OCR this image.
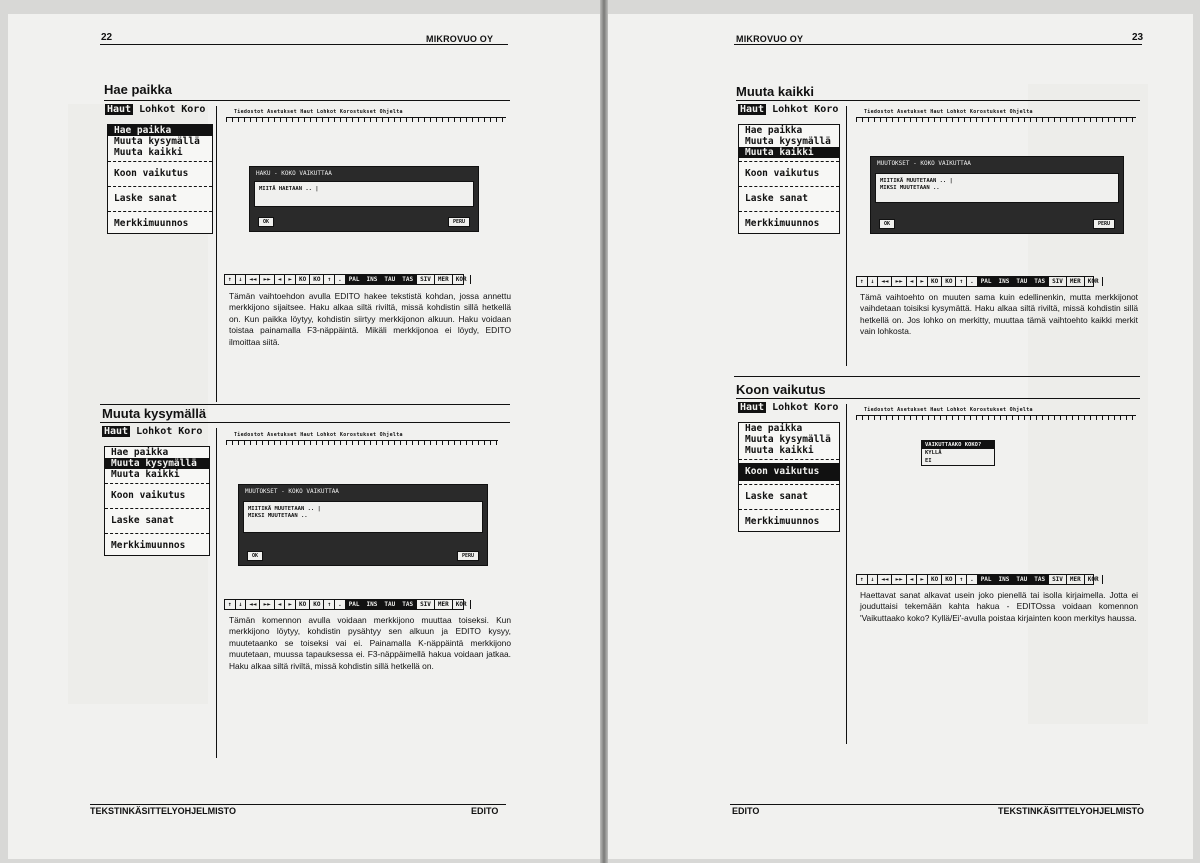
22	MIKROVUO OY
Hae paikka
Haut Lohkot Koro	Tiedostot Asetukset Haut Lohkot Korostukset Ohjelta
Hae paikka
Muuta kysymällä
Muuta kaikki
Koon vaikutus
Laske sanat
Merkkimuunnos
HAKU - KOKO VAIKUTTAA
MIITÄ HAETAAN .. |
OK	PERU
↑	↓	◄◄	►►	◄	►	KO	KO	↑	.	PAL	INS	TAU	TAS	SIV	MER	KOR
Tämän vaihtoehdon avulla EDITO hakee tekstistä kohdan, jossa annettu merkkijono sijaitsee. Haku alkaa siltä riviltä, missä kohdistin sillä hetkellä on. Kun paikka löytyy, kohdistin siirtyy merkkijonon alkuun. Haku voidaan toistaa painamalla F3-näppäintä. Mikäli merkkijonoa ei löydy, EDITO ilmoittaa siitä.
Muuta kysymällä
Haut Lohkot Koro	Tiedostot Asetukset Haut Lohkot Korostukset Ohjelta
Hae paikka
Muuta kysymällä
Muuta kaikki
Koon vaikutus
Laske sanat
Merkkimuunnos
MUUTOKSET - KOKO VAIKUTTAA
MIITIKÄ MUUTETAAN .. |
MIKSI MUUTETAAN ..
OK	PERU
↑	↓	◄◄	►►	◄	►	KO	KO	↑	.	PAL	INS	TAU	TAS	SIV	MER	KOR
Tämän komennon avulla voidaan merkkijono muuttaa toiseksi. Kun merkkijono löytyy, kohdistin pysähtyy sen alkuun ja EDITO kysyy, muutetaanko se toiseksi vai ei. Painamalla K-näppäintä merkkijono muutetaan, muussa tapauksessa ei. F3-näppäimellä hakua voidaan jatkaa. Haku alkaa siltä riviltä, missä kohdistin sillä hetkellä on.
TEKSTINKÄSITTELYOHJELMISTO	EDITO
MIKROVUO OY	23
Muuta kaikki
Haut Lohkot Koro	Tiedostot Asetukset Haut Lohkot Korostukset Ohjelta
Hae paikka
Muuta kysymällä
Muuta kaikki
Koon vaikutus
Laske sanat
Merkkimuunnos
MUUTOKSET - KOKO VAIKUTTAA
MIITIKÄ MUUTETAAN .. |
MIKSI MUUTETAAN ..
OK	PERU
↑	↓	◄◄	►►	◄	►	KO	KO	↑	.	PAL	INS	TAU	TAS	SIV	MER	KOR
Tämä vaihtoehto on muuten sama kuin edellinenkin, mutta merkkijonot vaihdetaan toisiksi kysymättä. Haku alkaa siltä riviltä, missä kohdistin sillä hetkellä on. Jos lohko on merkitty, muuttaa tämä vaihtoehto kaikki merkit vain lohkosta.
Koon vaikutus
Haut Lohkot Koro	Tiedostot Asetukset Haut Lohkot Korostukset Ohjelta
Hae paikka
Muuta kysymällä
Muuta kaikki
Koon vaikutus
Laske sanat
Merkkimuunnos
VAIKUTTAAKO KOKO?
KYLLÄ
EI
↑	↓	◄◄	►►	◄	►	KO	KO	↑	.	PAL	INS	TAU	TAS	SIV	MER	KOR
Haettavat sanat alkavat usein joko pienellä tai isolla kirjaimella. Jotta ei jouduttaisi tekemään kahta hakua - EDITOssa voidaan komennon 'Vaikuttaako koko? Kyllä/Ei'-avulla poistaa kirjainten koon merkitys haussa.
EDITO	TEKSTINKÄSITTELYOHJELMISTO
